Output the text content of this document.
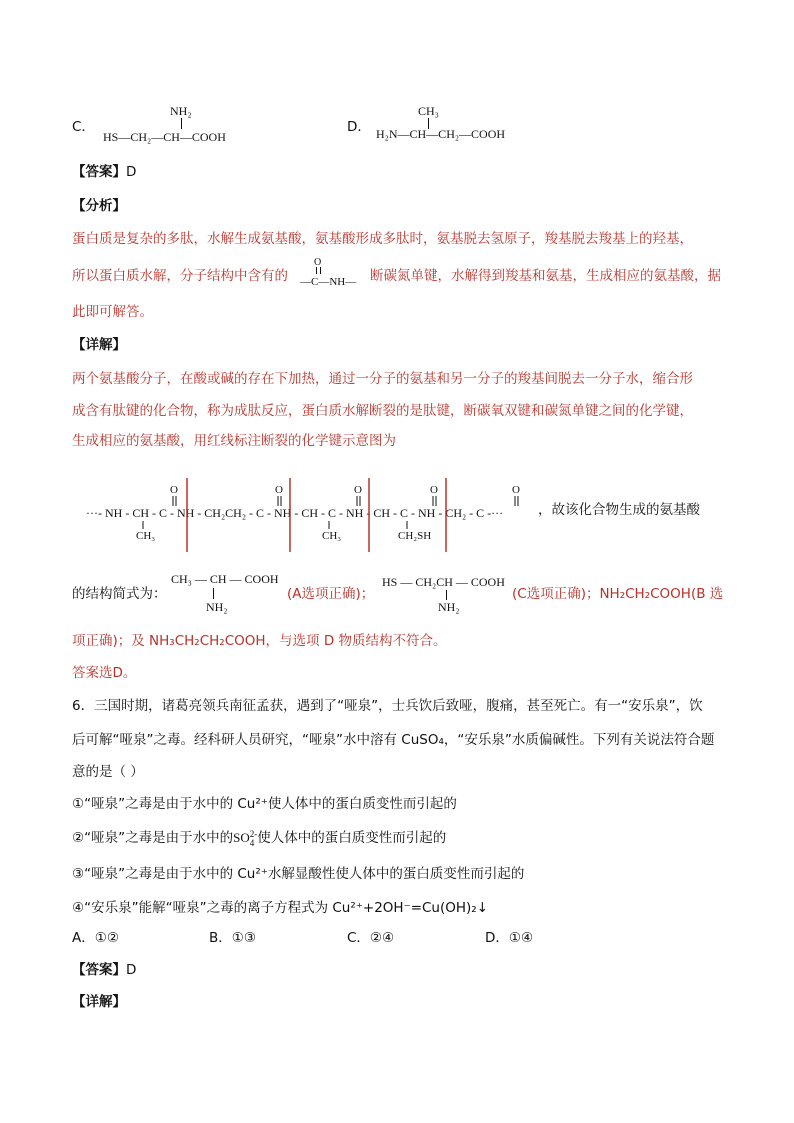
C．
NH₂
HS—CH₂—CH—COOH
D．
CH₃
H₂N—CH—CH₂—COOH
【答案】D
【分析】
蛋白质是复杂的多肽，水解生成氨基酸，氨基酸形成多肽时，氨基脱去氢原子，羧基脱去羧基上的羟基，
所以蛋白质水解，分子结构中含有的
O
—C—NH— 断碳氮单键，水解得到羧基和氨基，生成相应的氨基酸，据
此即可解答。
【详解】
两个氨基酸分子，在酸或碱的存在下加热，通过一分子的氨基和另一分子的羧基间脱去一分子水，缩合形
成含有肽键的化合物，称为成肽反应，蛋白质水解断裂的是肽键，断碳氧双键和碳氮单键之间的化学键，
生成相应的氨基酸，用红线标注断裂的化学键示意图为
···- NH - CH - C - NH - CH₂CH₂ - C - NH - CH - C - NH - CH - C - NH - CH₂ - C -···
O	O	O	O	O
CH₃	CH₃	CH₂SH
，故该化合物生成的氨基酸
的结构简式为：
CH₃ — CH — COOH
NH₂
(A选项正确)；
HS — CH₂CH — COOH
NH₂
(C选项正确)；NH₂CH₂COOH(B 选
项正确)；及 NH₃CH₂CH₂COOH，与选项 D 物质结构不符合。
答案选D。
6．三国时期，诸葛亮领兵南征孟获，遇到了“哑泉”，士兵饮后致哑，腹痛，甚至死亡。有一“安乐泉”，饮
后可解“哑泉”之毒。经科研人员研究，“哑泉”水中溶有 CuSO₄，“安乐泉”水质偏碱性。下列有关说法符合题
意的是（ ）
①“哑泉”之毒是由于水中的 Cu²⁺使人体中的蛋白质变性而引起的
②“哑泉”之毒是由于水中的SO 2-
4 使人体中的蛋白质变性而引起的
③“哑泉”之毒是由于水中的 Cu²⁺水解显酸性使人体中的蛋白质变性而引起的
④“安乐泉”能解“哑泉”之毒的离子方程式为 Cu²⁺+2OH⁻=Cu(OH)₂↓
A．①②	B．①③	C．②④	D．①④
【答案】D
【详解】
